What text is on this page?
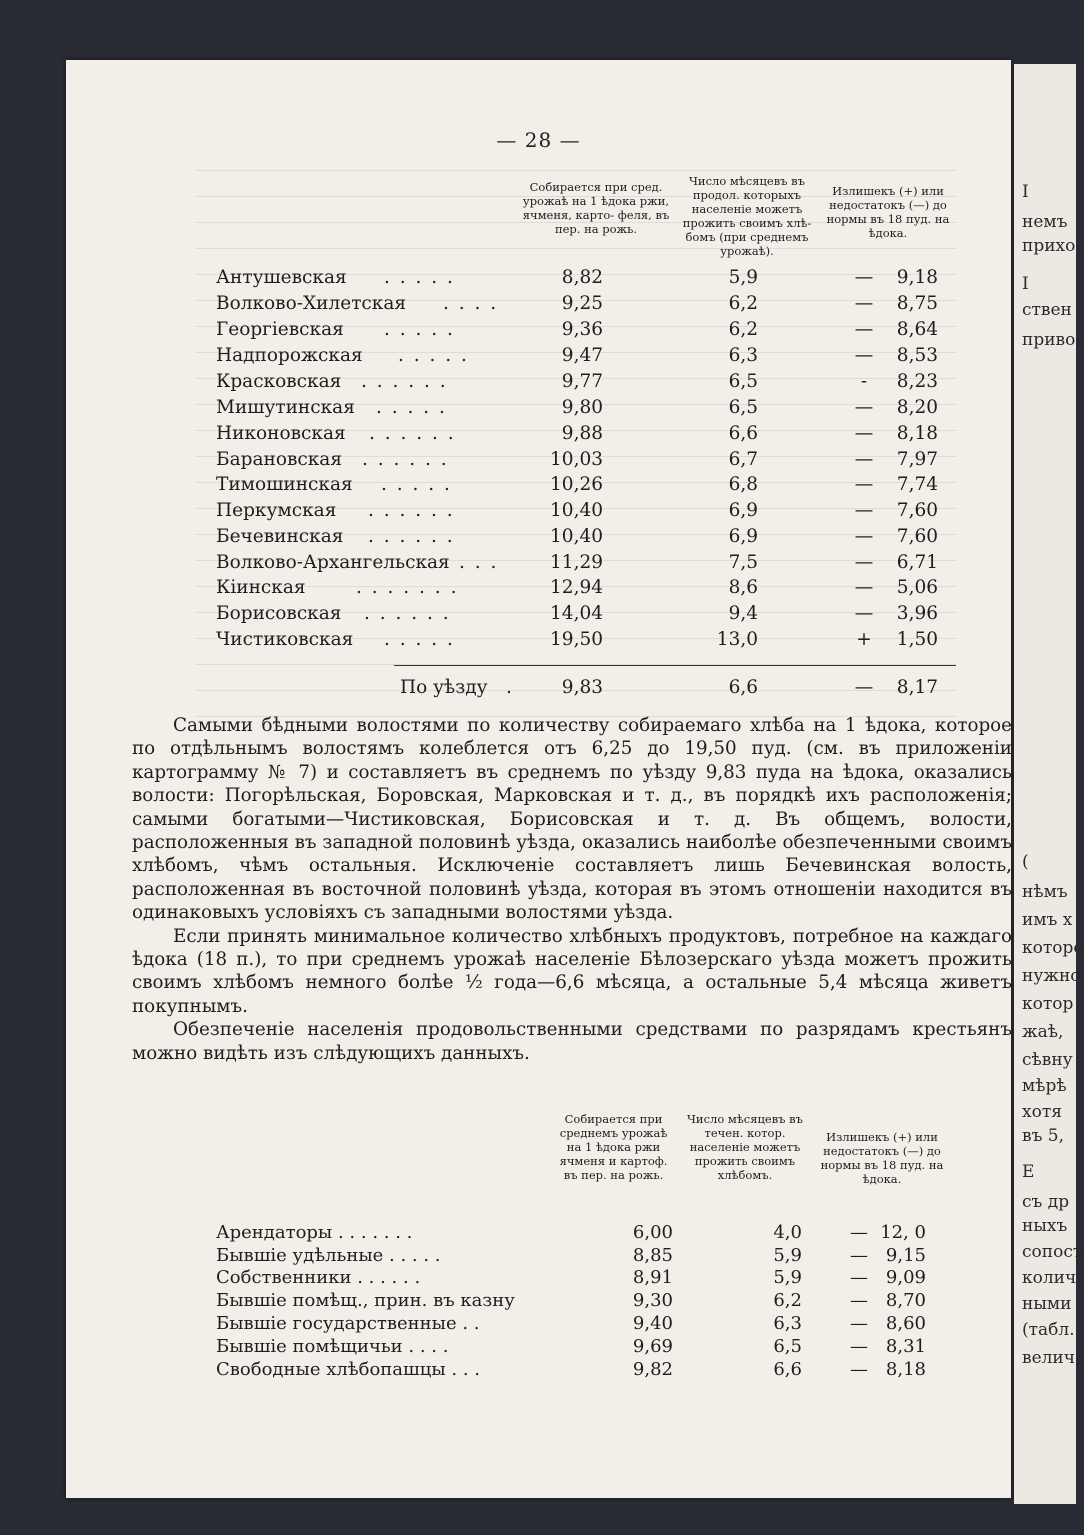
— 28 —
Собирается при сред. урожаѣ на 1 ѣдока ржи, ячменя, карто- феля, въ пер. на рожь.
Число мѣсяцевъ въ продол. которыхъ населеніе можетъ прожить своимъ хлѣ- бомъ (при среднемъ урожаѣ).
Излишекъ (+) или недостатокъ (—) до нормы въ 18 пуд. на ѣдока.
Антушевская . . . . .	8,82	5,9	—	9,18
Волково-Хилетская . . . .	9,25	6,2	—	8,75
Георгіевская . . . . .	9,36	6,2	—	8,64
Надпорожская . . . . .	9,47	6,3	—	8,53
Красковская . . . . . .	9,77	6,5	-	8,23
Мишутинская . . . . .	9,80	6,5	—	8,20
Никоновская . . . . . .	9,88	6,6	—	8,18
Барановская . . . . . .	10,03	6,7	—	7,97
Тимошинская . . . . .	10,26	6,8	—	7,74
Перкумская . . . . . .	10,40	6,9	—	7,60
Бечевинская . . . . . .	10,40	6,9	—	7,60
Волково-Архангельская . . .	11,29	7,5	—	6,71
Кіинская	. . . . . . .	12,94	8,6	—	5,06
Борисовская . . . . . .	14,04	9,4	—	3,96
Чистиковская . . . . .	19,50	13,0	+	1,50
По уѣзду .	9,83	6,6	—	8,17

Самыми бѣдными волостями по количеству собираемаго хлѣба на 1 ѣдока, которое по отдѣльнымъ волостямъ колеблется отъ 6,25 до 19,50 пуд. (см. въ приложеніи картограмму № 7) и составляетъ въ среднемъ по уѣзду 9,83 пуда на ѣдока, оказались волости: Погорѣльская, Боровская, Марковская и т. д., въ порядкѣ ихъ расположенія; самыми богатыми—Чистиковская, Борисовская и т. д. Въ общемъ, волости, расположенныя въ западной половинѣ уѣзда, оказались наиболѣе обезпеченными своимъ хлѣбомъ, чѣмъ остальныя. Исключеніе составляетъ лишь Бечевинская волость, расположенная въ восточной половинѣ уѣзда, которая въ этомъ отношеніи находится въ одинаковыхъ условіяхъ съ западными волостями уѣзда.

Если принять минимальное количество хлѣбныхъ продуктовъ, потребное на каждаго ѣдока (18 п.), то при среднемъ урожаѣ населеніе Бѣлозерскаго уѣзда можетъ прожить своимъ хлѣбомъ немного болѣе ½ года—6,6 мѣсяца, а остальные 5,4 мѣсяца живетъ покупнымъ.

Обезпеченіе населенія продовольственными средствами по разрядамъ крестьянъ можно видѣть изъ слѣдующихъ данныхъ.

Собирается при среднемъ урожаѣ на 1 ѣдока ржи ячменя и картоф. въ пер. на рожь.
Число мѣсяцевъ въ течен. котор. населеніе можетъ прожить своимъ хлѣбомъ.
Излишекъ (+) или недостатокъ (—) до нормы въ 18 пуд. на ѣдока.
Арендаторы . . . . . . .	6,00	4,0	— 12, 0
Бывшіе удѣльные . . . . .	8,85	5,9	— 9,15
Собственники . . . . . .	8,91	5,9	— 9,09
Бывшіе помѣщ., прин. въ казну	9,30	6,2	— 8,70
Бывшіе государственные . .	9,40	6,3	— 8,60
Бывшіе помѣщичьи . . . .	9,69	6,5	— 8,31
Свободные хлѣбопашцы . . .	9,82	6,6	— 8,18
I
немъ
прихо
I
ствен
приво
(
нѣмъ
имъ х
которо
нужно
котор
жаѣ,
сѣвну
мѣрѣ
хотя
въ 5,
E
съ др
ныхъ
сопост
колич
ными
(табл.
велич
